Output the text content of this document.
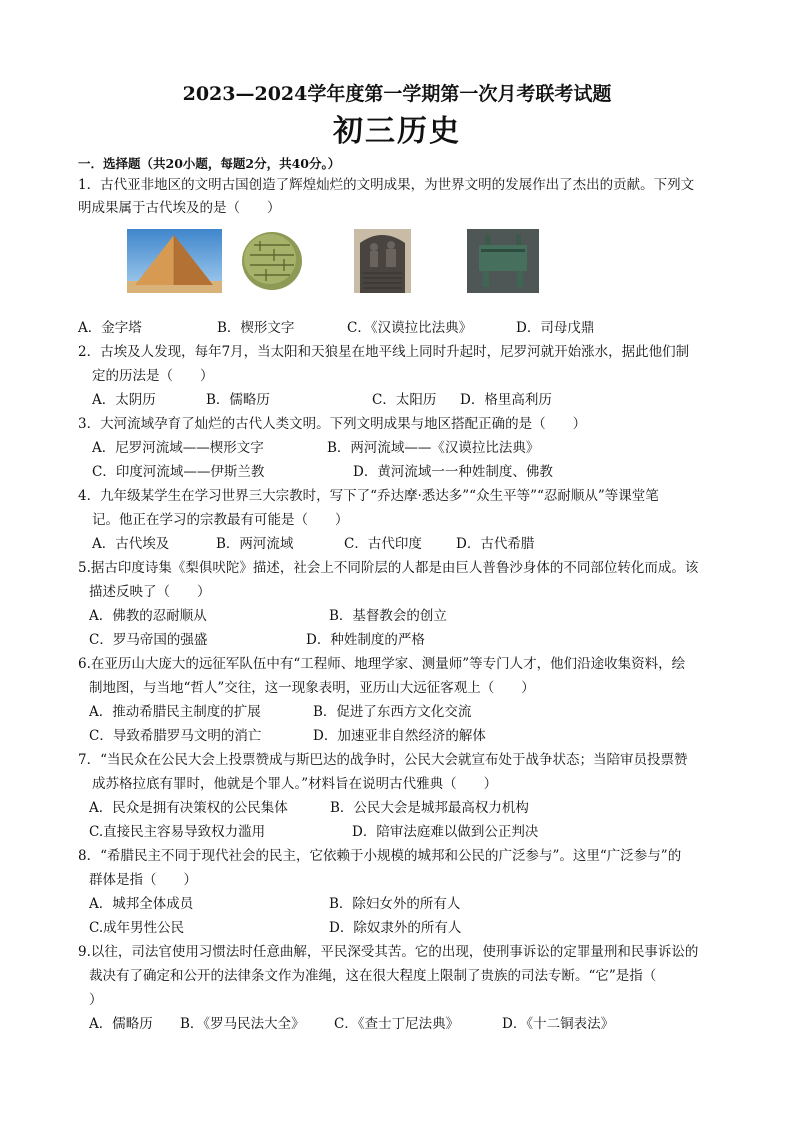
2023—2024学年度第一学期第一次月考联考试题
初三历史
一．选择题（共20小题，每题2分，共40分。）
1．古代亚非地区的文明古国创造了辉煌灿烂的文明成果，为世界文明的发展作出了杰出的贡献。下列文
明成果属于古代埃及的是（　　）
A．金字塔	B．楔形文字	C．《汉谟拉比法典》	D．司母戊鼎
2．古埃及人发现，每年7月，当太阳和天狼星在地平线上同时升起时，尼罗河就开始涨水，据此他们制
定的历法是（　　）
A．太阴历	B．儒略历	C．太阳历 D．格里高利历
3．大河流域孕育了灿烂的古代人类文明。下列文明成果与地区搭配正确的是（　　）
A．尼罗河流域——楔形文字	B．两河流域——《汉谟拉比法典》
C．印度河流域——伊斯兰教	D．黄河流域一一种姓制度、佛教
4．九年级某学生在学习世界三大宗教时，写下了“乔达摩·悉达多”“众生平等”“忍耐顺从”等课堂笔
记。他正在学习的宗教最有可能是（　　）
A．古代埃及	B．两河流域	C．古代印度	D．古代希腊
5.据古印度诗集《梨俱吠陀》描述，社会上不同阶层的人都是由巨人普鲁沙身体的不同部位转化而成。该
描述反映了（　　）
A．佛教的忍耐顺从	B．基督教会的创立
C．罗马帝国的强盛	D．种姓制度的严格
6.在亚历山大庞大的远征军队伍中有“工程师、地理学家、测量师”等专门人才，他们沿途收集资料，绘
制地图，与当地“哲人”交往，这一现象表明，亚历山大远征客观上（　　）
A．推动希腊民主制度的扩展	B．促进了东西方文化交流
C．导致希腊罗马文明的消亡	D．加速亚非自然经济的解体
7．“当民众在公民大会上投票赞成与斯巴达的战争时，公民大会就宣布处于战争状态；当陪审员投票赞
成苏格拉底有罪时，他就是个罪人。”材料旨在说明古代雅典（　　）
A．民众是拥有决策权的公民集体	B．公民大会是城邦最高权力机构
C.直接民主容易导致权力滥用	D．陪审法庭难以做到公正判决
8．“希腊民主不同于现代社会的民主，它依赖于小规模的城邦和公民的广泛参与”。这里“广泛参与”的
群体是指（　　）
A．城邦全体成员	B．除妇女外的所有人
C.成年男性公民	D．除奴隶外的所有人
9.以往，司法官使用习惯法时任意曲解，平民深受其苦。它的出现，使刑事诉讼的定罪量刑和民事诉讼的
裁决有了确定和公开的法律条文作为准绳，这在很大程度上限制了贵族的司法专断。“它”是指（
）
A．儒略历 B．《罗马民法大全》 C．《查士丁尼法典》	D．《十二铜表法》
